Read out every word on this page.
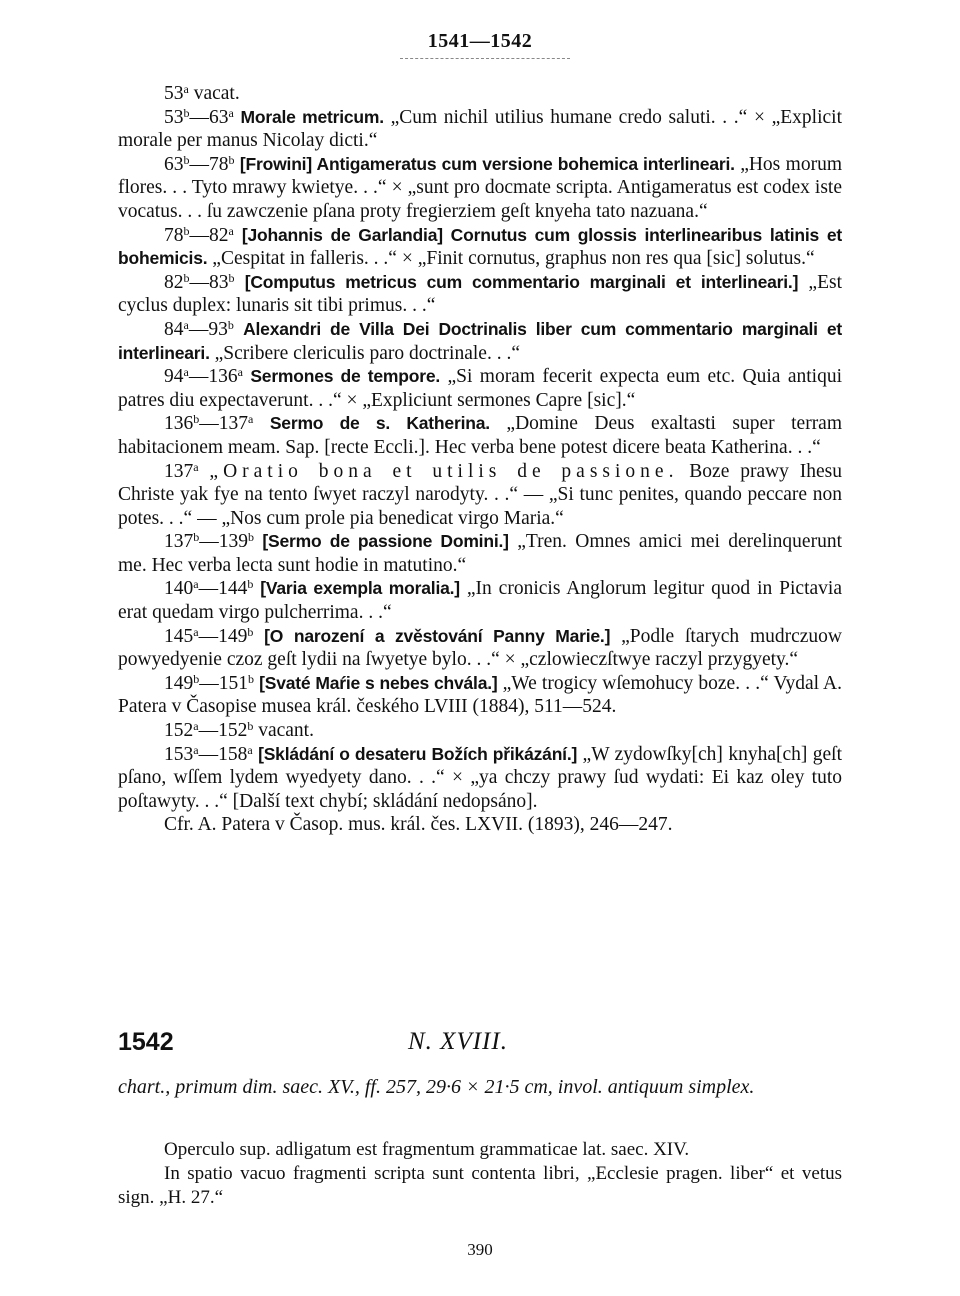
1541—1542

53$^a$ vacat.

53$^b$—63$^a$ Morale metricum. „Cum nichil utilius humane credo saluti. . .“ × „Explicit morale per manus Nicolay dicti.“

63$^b$—78$^b$ [Frowini] Antigameratus cum versione bohemica interlineari. „Hos morum flores. . . Tyto mrawy kwietye. . .“ × „sunt pro docmate scripta. Antigameratus est codex iste vocatus. . . ſu zawczenie pſana proty fregierziem geſt knyeha tato nazuana.“

78$^b$—82$^a$ [Johannis de Garlandia] Cornutus cum glossis interlinearibus latinis et bohemicis. „Cespitat in falleris. . .“ × „Finit cornutus, graphus non res qua [sic] solutus.“

82$^b$—83$^b$ [Computus metricus cum commentario marginali et interlineari.] „Est cyclus duplex: lunaris sit tibi primus. . .“

84$^a$—93$^b$ Alexandri de Villa Dei Doctrinalis liber cum commentario marginali et interlineari. „Scribere clericulis paro doctrinale. . .“

94$^a$—136$^a$ Sermones de tempore. „Si moram fecerit expecta eum etc. Quia antiqui patres diu expectaverunt. . .“ × „Expliciunt sermones Capre [sic].“

136$^b$—137$^a$ Sermo de s. Katherina. „Domine Deus exaltasti super terram habitacionem meam. Sap. [recte Eccli.]. Hec verba bene potest dicere beata Katherina. . .“

137$^a$ „Oratio bona et utilis de passione. Boze prawy Ihesu Christe yak fye na tento ſwyet raczyl narodyty. . .“ — „Si tunc penites, quando peccare non potes. . .“ — „Nos cum prole pia benedicat virgo Maria.“

137$^b$—139$^b$ [Sermo de passione Domini.] „Tren. Omnes amici mei derelinquerunt me. Hec verba lecta sunt hodie in matutino.“

140$^a$—144$^b$ [Varia exempla moralia.] „In cronicis Anglorum legitur quod in Pictavia erat quedam virgo pulcherrima. . .“

145$^a$—149$^b$ [O narození a zvěstování Panny Marie.] „Podle ſtarych mudrczuow powyedyenie czoz geſt lydii na ſwyetye bylo. . .“ × „czlowieczſtwye raczyl przygyety.“

149$^b$—151$^b$ [Svaté Maŕie s nebes chvála.] „We trogicy wſemohucy boze. . .“ Vydal A. Patera v Časopise musea král. českého LVIII (1884), 511—524.

152$^a$—152$^b$ vacant.

153$^a$—158$^a$ [Skládání o desateru Božích přikázání.] „W zydowſky[ch] knyha[ch] geſt pſano, wſſem lydem wyedyety dano. . .“ × „ya chczy prawy ſud wydati: Ei kaz oley tuto poſtawyty. . .“ [Další text chybí; skládání nedopsáno].

Cfr. A. Patera v Časop. mus. král. čes. LXVII. (1893), 246—247.

1542	N. XVIII.
chart., primum dim. saec. XV., ff. 257, 29·6 × 21·5 cm, invol. antiquum simplex.

Operculo sup. adligatum est fragmentum grammaticae lat. saec. XIV.

In spatio vacuo fragmenti scripta sunt contenta libri, „Ecclesie pragen. liber“ et vetus sign. „H. 27.“

390
